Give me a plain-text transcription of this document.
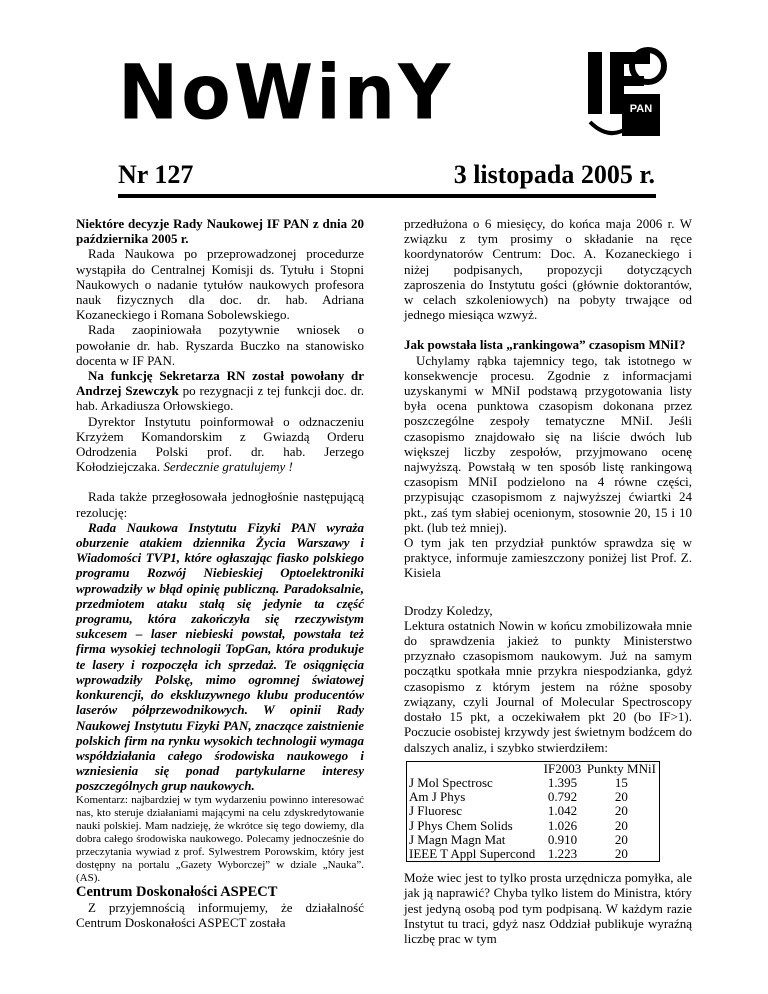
NoWinY	PAN
Nr 127	3 listopada 2005 r.

Niektóre decyzje Rady Naukowej IF PAN z dnia 20 października 2005 r.

Rada Naukowa po przeprowadzonej procedurze wystąpiła do Centralnej Komisji ds. Tytułu i Stopni Naukowych o nadanie tytułów naukowych profesora nauk fizycznych dla doc. dr. hab. Adriana Kozaneckiego i Romana Sobolewskiego.

Rada zaopiniowała pozytywnie wniosek o powołanie dr. hab. Ryszarda Buczko na stanowisko docenta w IF PAN.

Na funkcję Sekretarza RN został powołany dr Andrzej Szewczyk po rezygnacji z tej funkcji doc. dr. hab. Arkadiusza Orłowskiego.

Dyrektor Instytutu poinformował o odznaczeniu Krzyżem Komandorskim z Gwiazdą Orderu Odrodzenia Polski prof. dr. hab. Jerzego Kołodziejczaka. Serdecznie gratulujemy !

Rada także przegłosowała jednogłośnie następującą rezolucję:

Rada Naukowa Instytutu Fizyki PAN wyraża oburzenie atakiem dziennika Życia Warszawy i Wiadomości TVP1, które ogłaszając fiasko polskiego programu Rozwój Niebieskiej Optoelektroniki wprowadziły w błąd opinię publiczną. Paradoksalnie, przedmiotem ataku stałą się jedynie ta część programu, która zakończyła się rzeczywistym sukcesem – laser niebieski powstał, powstała też firma wysokiej technologii TopGan, która produkuje te lasery i rozpoczęła ich sprzedaż. Te osiągnięcia wprowadziły Polskę, mimo ogromnej światowej konkurencji, do ekskluzywnego klubu producentów laserów półprzewodnikowych. W opinii Rady Naukowej Instytutu Fizyki PAN, znaczące zaistnienie polskich firm na rynku wysokich technologii wymaga współdziałania całego środowiska naukowego i wzniesienia się ponad partykularne interesy poszczególnych grup naukowych.

Komentarz: najbardziej w tym wydarzeniu powinno interesować nas, kto steruje działaniami mającymi na celu zdyskredytowanie nauki polskiej. Mam nadzieję, że wkrótce się tego dowiemy, dla dobra całego środowiska naukowego. Polecamy jednocześnie do przeczytania wywiad z prof. Sylwestrem Porowskim, który jest dostępny na portalu „Gazety Wyborczej” w dziale „Nauka”. (AS).

Centrum Doskonałości ASPECT

Z przyjemnością informujemy, że działalność Centrum Doskonałości ASPECT została

przedłużona o 6 miesięcy, do końca maja 2006 r. W związku z tym prosimy o składanie na ręce koordynatorów Centrum: Doc. A. Kozaneckiego i niżej podpisanych, propozycji dotyczących zaproszenia do Instytutu gości (głównie doktorantów, w celach szkoleniowych) na pobyty trwające od jednego miesiąca wzwyż.

Jak powstała lista „rankingowa” czasopism MNiI?

Uchylamy rąbka tajemnicy tego, tak istotnego w konsekwencje procesu. Zgodnie z informacjami uzyskanymi w MNiI podstawą przygotowania listy była ocena punktowa czasopism dokonana przez poszczególne zespoły tematyczne MNiI. Jeśli czasopismo znajdowało się na liście dwóch lub większej liczby zespołów, przyjmowano ocenę najwyższą. Powstałą w ten sposób listę rankingową czasopism MNiI podzielono na 4 równe części, przypisując czasopismom z najwyższej ćwiartki 24 pkt., zaś tym słabiej ocenionym, stosownie 20, 15 i 10 pkt. (lub też mniej).

O tym jak ten przydział punktów sprawdza się w praktyce, informuje zamieszczony poniżej list Prof. Z. Kisiela

Drodzy Koledzy,

Lektura ostatnich Nowin w końcu zmobilizowała mnie do sprawdzenia jakież to punkty Ministerstwo przyznało czasopismom naukowym. Już na samym początku spotkała mnie przykra niespodzianka, gdyż czasopismo z którym jestem na różne sposoby związany, czyli Journal of Molecular Spectroscopy dostało 15 pkt, a oczekiwałem pkt 20 (bo IF>1). Poczucie osobistej krzywdy jest świetnym bodźcem do dalszych analiz, i szybko stwierdziłem:

	IF2003	Punkty MNiI
J Mol Spectrosc	1.395	15
Am J Phys	0.792	20
J Fluoresc	1.042	20
J Phys Chem Solids	1.026	20
J Magn Magn Mat	0.910	20
IEEE T Appl Supercond	1.223	20

Może wiec jest to tylko prosta urzędnicza pomyłka, ale jak ją naprawić? Chyba tylko listem do Ministra, który jest jedyną osobą pod tym podpisaną. W każdym razie Instytut tu traci, gdyż nasz Oddział publikuje wyraźną liczbę prac w tym
